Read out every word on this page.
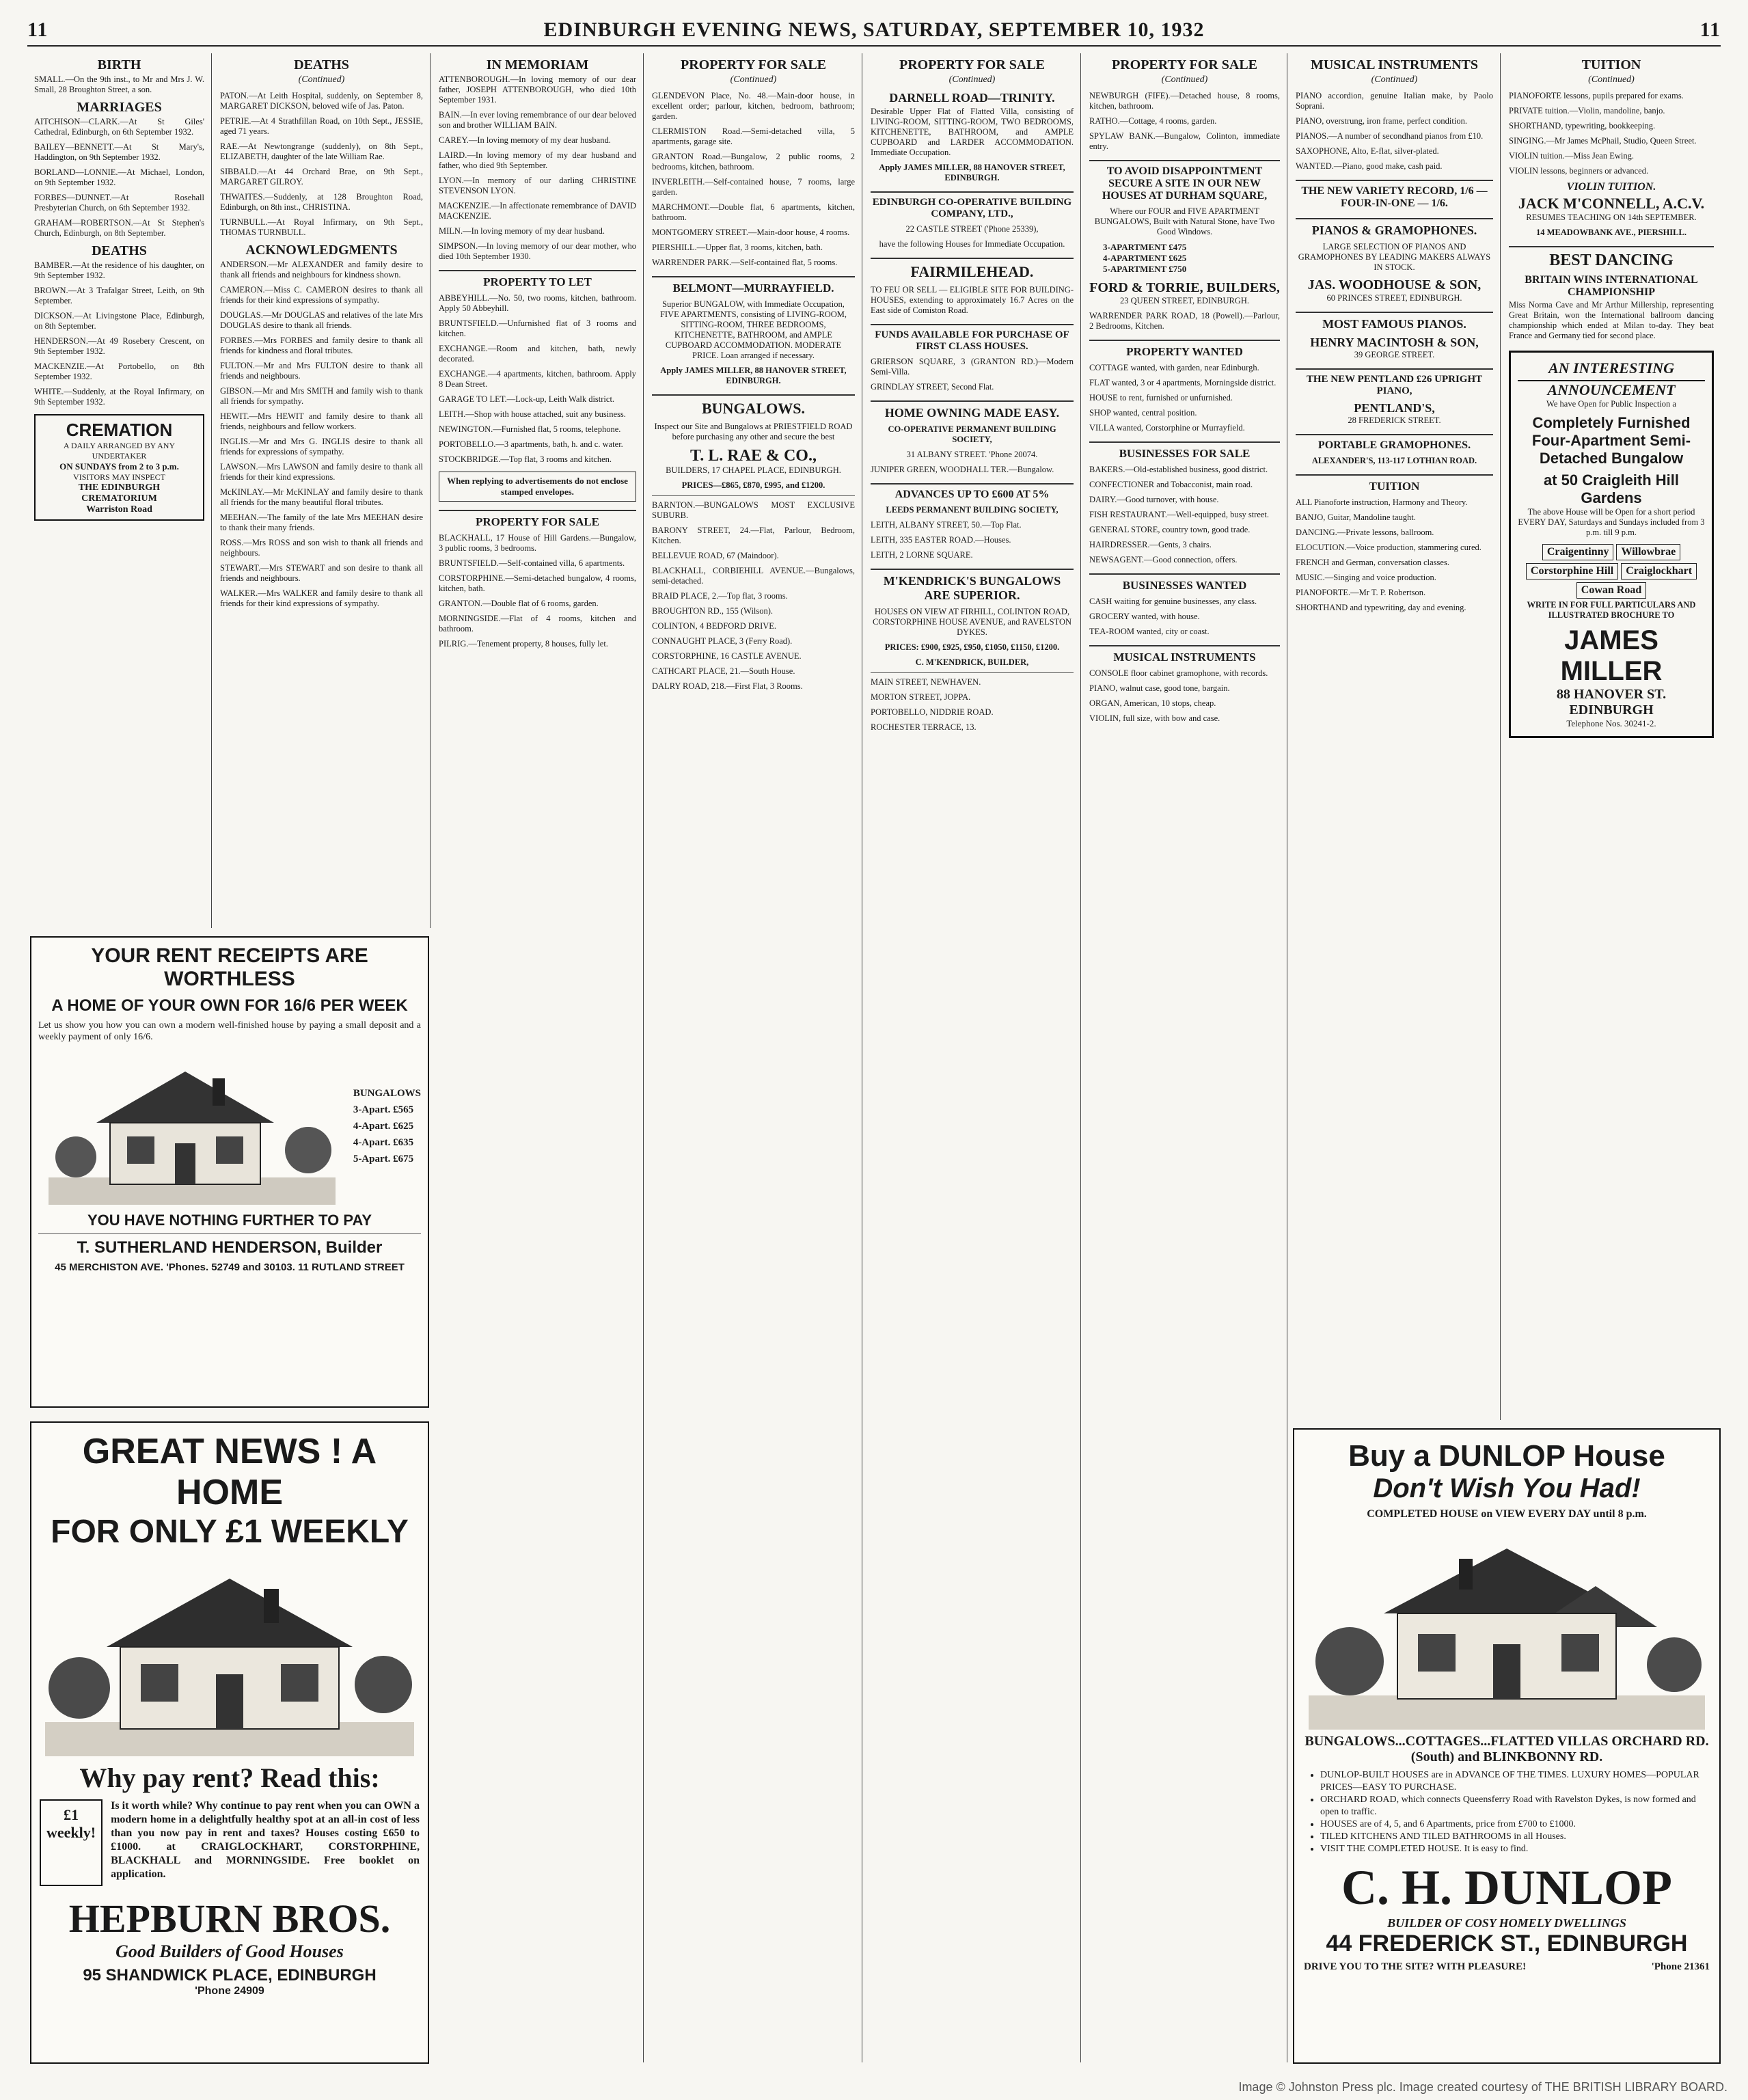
11	EDINBURGH EVENING NEWS, SATURDAY, SEPTEMBER 10, 1932	11
BIRTH

SMALL.—On the 9th inst., to Mr and Mrs J. W. Small, 28 Broughton Street, a son.

MARRIAGES

AITCHISON—CLARK.—At St Giles' Cathedral, Edinburgh, on 6th September 1932.

BAILEY—BENNETT.—At St Mary's, Haddington, on 9th September 1932.

BORLAND—LONNIE.—At Michael, London, on 9th September 1932.

FORBES—DUNNET.—At Rosehall Presbyterian Church, on 6th September 1932.

GRAHAM—ROBERTSON.—At St Stephen's Church, Edinburgh, on 8th September.

DEATHS

BAMBER.—At the residence of his daughter, on 9th September 1932.

BROWN.—At 3 Trafalgar Street, Leith, on 9th September.

DICKSON.—At Livingstone Place, Edinburgh, on 8th September.

HENDERSON.—At 49 Rosebery Crescent, on 9th September 1932.

MACKENZIE.—At Portobello, on 8th September 1932.

WHITE.—Suddenly, at the Royal Infirmary, on 9th September 1932.

CREMATION
A DAILY ARRANGED BY ANY UNDERTAKER
ON SUNDAYS from 2 to 3 p.m.
VISITORS MAY INSPECT
THE EDINBURGH CREMATORIUM
Warriston Road
DEATHS
(Continued)

PATON.—At Leith Hospital, suddenly, on September 8, MARGARET DICKSON, beloved wife of Jas. Paton.

PETRIE.—At 4 Strathfillan Road, on 10th Sept., JESSIE, aged 71 years.

RAE.—At Newtongrange (suddenly), on 8th Sept., ELIZABETH, daughter of the late William Rae.

SIBBALD.—At 44 Orchard Brae, on 9th Sept., MARGARET GILROY.

THWAITES.—Suddenly, at 128 Broughton Road, Edinburgh, on 8th inst., CHRISTINA.

TURNBULL.—At Royal Infirmary, on 9th Sept., THOMAS TURNBULL.

ACKNOWLEDGMENTS

ANDERSON.—Mr ALEXANDER and family desire to thank all friends and neighbours for kindness shown.

CAMERON.—Miss C. CAMERON desires to thank all friends for their kind expressions of sympathy.

DOUGLAS.—Mr DOUGLAS and relatives of the late Mrs DOUGLAS desire to thank all friends.

FORBES.—Mrs FORBES and family desire to thank all friends for kindness and floral tributes.

FULTON.—Mr and Mrs FULTON desire to thank all friends and neighbours.

GIBSON.—Mr and Mrs SMITH and family wish to thank all friends for sympathy.

HEWIT.—Mrs HEWIT and family desire to thank all friends, neighbours and fellow workers.

INGLIS.—Mr and Mrs G. INGLIS desire to thank all friends for expressions of sympathy.

LAWSON.—Mrs LAWSON and family desire to thank all friends for their kind expressions.

McKINLAY.—Mr McKINLAY and family desire to thank all friends for the many beautiful floral tributes.

MEEHAN.—The family of the late Mrs MEEHAN desire to thank their many friends.

ROSS.—Mrs ROSS and son wish to thank all friends and neighbours.

STEWART.—Mrs STEWART and son desire to thank all friends and neighbours.

WALKER.—Mrs WALKER and family desire to thank all friends for their kind expressions of sympathy.

YOUR RENT RECEIPTS ARE WORTHLESS
A HOME OF YOUR OWN FOR 16/6 PER WEEK

Let us show you how you can own a modern well-finished house by paying a small deposit and a weekly payment of only 16/6.

BUNGALOWS
3-Apart. £565
4-Apart. £625
4-Apart. £635
5-Apart. £675
YOU HAVE NOTHING FURTHER TO PAY
T. SUTHERLAND HENDERSON, Builder
45 MERCHISTON AVE. 'Phones. 52749 and 30103. 11 RUTLAND STREET
GREAT NEWS ! A HOME
FOR ONLY £1 WEEKLY
Why pay rent? Read this:
£1 weekly!

Is it worth while? Why continue to pay rent when you can OWN a modern home in a delightfully healthy spot at an all-in cost of less than you now pay in rent and taxes? Houses costing £650 to £1000. at CRAIGLOCKHART, CORSTORPHINE, BLACKHALL and MORNINGSIDE. Free booklet on application.

HEPBURN BROS.
Good Builders of Good Houses
95 SHANDWICK PLACE, EDINBURGH
'Phone 24909
IN MEMORIAM

ATTENBOROUGH.—In loving memory of our dear father, JOSEPH ATTENBOROUGH, who died 10th September 1931.

BAIN.—In ever loving remembrance of our dear beloved son and brother WILLIAM BAIN.

CAREY.—In loving memory of my dear husband.

LAIRD.—In loving memory of my dear husband and father, who died 9th September.

LYON.—In memory of our darling CHRISTINE STEVENSON LYON.

MACKENZIE.—In affectionate remembrance of DAVID MACKENZIE.

MILN.—In loving memory of my dear husband.

SIMPSON.—In loving memory of our dear mother, who died 10th September 1930.

PROPERTY TO LET

ABBEYHILL.—No. 50, two rooms, kitchen, bathroom. Apply 50 Abbeyhill.

BRUNTSFIELD.—Unfurnished flat of 3 rooms and kitchen.

EXCHANGE.—Room and kitchen, bath, newly decorated.

EXCHANGE.—4 apartments, kitchen, bathroom. Apply 8 Dean Street.

GARAGE TO LET.—Lock-up, Leith Walk district.

LEITH.—Shop with house attached, suit any business.

NEWINGTON.—Furnished flat, 5 rooms, telephone.

PORTOBELLO.—3 apartments, bath, h. and c. water.

STOCKBRIDGE.—Top flat, 3 rooms and kitchen.

When replying to advertisements do not enclose stamped envelopes.
PROPERTY FOR SALE

BLACKHALL, 17 House of Hill Gardens.—Bungalow, 3 public rooms, 3 bedrooms.

BRUNTSFIELD.—Self-contained villa, 6 apartments.

CORSTORPHINE.—Semi-detached bungalow, 4 rooms, kitchen, bath.

GRANTON.—Double flat of 6 rooms, garden.

MORNINGSIDE.—Flat of 4 rooms, kitchen and bathroom.

PILRIG.—Tenement property, 8 houses, fully let.

PROPERTY FOR SALE
(Continued)

GLENDEVON Place, No. 48.—Main-door house, in excellent order; parlour, kitchen, bedroom, bathroom; garden.

CLERMISTON Road.—Semi-detached villa, 5 apartments, garage site.

GRANTON Road.—Bungalow, 2 public rooms, 2 bedrooms, kitchen, bathroom.

INVERLEITH.—Self-contained house, 7 rooms, large garden.

MARCHMONT.—Double flat, 6 apartments, kitchen, bathroom.

MONTGOMERY STREET.—Main-door house, 4 rooms.

PIERSHILL.—Upper flat, 3 rooms, kitchen, bath.

WARRENDER PARK.—Self-contained flat, 5 rooms.

BELMONT—MURRAYFIELD.

Superior BUNGALOW, with Immediate Occupation, FIVE APARTMENTS, consisting of LIVING-ROOM, SITTING-ROOM, THREE BEDROOMS, KITCHENETTE, BATHROOM, and AMPLE CUPBOARD ACCOMMODATION. MODERATE PRICE. Loan arranged if necessary.

Apply JAMES MILLER, 88 HANOVER STREET, EDINBURGH.

BUNGALOWS.

Inspect our Site and Bungalows at PRIESTFIELD ROAD before purchasing any other and secure the best

T. L. RAE & CO.,

BUILDERS, 17 CHAPEL PLACE, EDINBURGH.

PRICES—£865, £870, £995, and £1200.

BARNTON.—BUNGALOWS MOST EXCLUSIVE SUBURB.

BARONY STREET, 24.—Flat, Parlour, Bedroom, Kitchen.

BELLEVUE ROAD, 67 (Maindoor).

BLACKHALL, CORBIEHILL AVENUE.—Bungalows, semi-detached.

BRAID PLACE, 2.—Top flat, 3 rooms.

BROUGHTON RD., 155 (Wilson).

COLINTON, 4 BEDFORD DRIVE.

CONNAUGHT PLACE, 3 (Ferry Road).

CORSTORPHINE, 16 CASTLE AVENUE.

CATHCART PLACE, 21.—South House.

DALRY ROAD, 218.—First Flat, 3 Rooms.

PROPERTY FOR SALE
(Continued)
DARNELL ROAD—TRINITY.

Desirable Upper Flat of Flatted Villa, consisting of LIVING-ROOM, SITTING-ROOM, TWO BEDROOMS, KITCHENETTE, BATHROOM, and AMPLE CUPBOARD and LARDER ACCOMMODATION. Immediate Occupation.

Apply JAMES MILLER, 88 HANOVER STREET, EDINBURGH.

EDINBURGH CO-OPERATIVE BUILDING COMPANY, LTD.,

22 CASTLE STREET ('Phone 25339),

have the following Houses for Immediate Occupation.

FAIRMILEHEAD.

TO FEU OR SELL — ELIGIBLE SITE FOR BUILDING-HOUSES, extending to approximately 16.7 Acres on the East side of Comiston Road.

FUNDS AVAILABLE FOR PURCHASE OF FIRST CLASS HOUSES.

GRIERSON SQUARE, 3 (GRANTON RD.)—Modern Semi-Villa.

GRINDLAY STREET, Second Flat.

HOME OWNING MADE EASY.

CO-OPERATIVE PERMANENT BUILDING SOCIETY,

31 ALBANY STREET. 'Phone 20074.

JUNIPER GREEN, WOODHALL TER.—Bungalow.

ADVANCES UP TO £600 AT 5%

LEEDS PERMANENT BUILDING SOCIETY,

LEITH, ALBANY STREET, 50.—Top Flat.

LEITH, 335 EASTER ROAD.—Houses.

LEITH, 2 LORNE SQUARE.

M'KENDRICK'S BUNGALOWS ARE SUPERIOR.

HOUSES ON VIEW AT FIRHILL, COLINTON ROAD, CORSTORPHINE HOUSE AVENUE, and RAVELSTON DYKES.

PRICES: £900, £925, £950, £1050, £1150, £1200.

C. M'KENDRICK, BUILDER,

MAIN STREET, NEWHAVEN.

MORTON STREET, JOPPA.

PORTOBELLO, NIDDRIE ROAD.

ROCHESTER TERRACE, 13.

PROPERTY FOR SALE
(Continued)

NEWBURGH (FIFE).—Detached house, 8 rooms, kitchen, bathroom.

RATHO.—Cottage, 4 rooms, garden.

SPYLAW BANK.—Bungalow, Colinton, immediate entry.

TO AVOID DISAPPOINTMENT SECURE A SITE IN OUR NEW HOUSES AT DURHAM SQUARE,

Where our FOUR and FIVE APARTMENT BUNGALOWS, Built with Natural Stone, have Two Good Windows.

3-APARTMENT £475
4-APARTMENT £625
5-APARTMENT £750
FORD & TORRIE, BUILDERS,

23 QUEEN STREET, EDINBURGH.

WARRENDER PARK ROAD, 18 (Powell).—Parlour, 2 Bedrooms, Kitchen.

PROPERTY WANTED

COTTAGE wanted, with garden, near Edinburgh.

FLAT wanted, 3 or 4 apartments, Morningside district.

HOUSE to rent, furnished or unfurnished.

SHOP wanted, central position.

VILLA wanted, Corstorphine or Murrayfield.

BUSINESSES FOR SALE

BAKERS.—Old-established business, good district.

CONFECTIONER and Tobacconist, main road.

DAIRY.—Good turnover, with house.

FISH RESTAURANT.—Well-equipped, busy street.

GENERAL STORE, country town, good trade.

HAIRDRESSER.—Gents, 3 chairs.

NEWSAGENT.—Good connection, offers.

BUSINESSES WANTED

CASH waiting for genuine businesses, any class.

GROCERY wanted, with house.

TEA-ROOM wanted, city or coast.

MUSICAL INSTRUMENTS

CONSOLE floor cabinet gramophone, with records.

PIANO, walnut case, good tone, bargain.

ORGAN, American, 10 stops, cheap.

VIOLIN, full size, with bow and case.

MUSICAL INSTRUMENTS
(Continued)

PIANO accordion, genuine Italian make, by Paolo Soprani.

PIANO, overstrung, iron frame, perfect condition.

PIANOS.—A number of secondhand pianos from £10.

SAXOPHONE, Alto, E-flat, silver-plated.

WANTED.—Piano, good make, cash paid.

THE NEW VARIETY RECORD, 1/6 — FOUR-IN-ONE — 1/6.
PIANOS & GRAMOPHONES.

LARGE SELECTION OF PIANOS AND GRAMOPHONES BY LEADING MAKERS ALWAYS IN STOCK.

JAS. WOODHOUSE & SON,

60 PRINCES STREET, EDINBURGH.

MOST FAMOUS PIANOS.
HENRY MACINTOSH & SON,

39 GEORGE STREET.

THE NEW PENTLAND £26 UPRIGHT PIANO,
PENTLAND'S,

28 FREDERICK STREET.

PORTABLE GRAMOPHONES.

ALEXANDER'S, 113-117 LOTHIAN ROAD.

TUITION

ALL Pianoforte instruction, Harmony and Theory.

BANJO, Guitar, Mandoline taught.

DANCING.—Private lessons, ballroom.

ELOCUTION.—Voice production, stammering cured.

FRENCH and German, conversation classes.

MUSIC.—Singing and voice production.

PIANOFORTE.—Mr T. P. Robertson.

SHORTHAND and typewriting, day and evening.

TUITION
(Continued)

PIANOFORTE lessons, pupils prepared for exams.

PRIVATE tuition.—Violin, mandoline, banjo.

SHORTHAND, typewriting, bookkeeping.

SINGING.—Mr James McPhail, Studio, Queen Street.

VIOLIN tuition.—Miss Jean Ewing.

VIOLIN lessons, beginners or advanced.

VIOLIN TUITION.
JACK M'CONNELL, A.C.V.

RESUMES TEACHING ON 14th SEPTEMBER.

14 MEADOWBANK AVE., PIERSHILL.

BEST DANCING
BRITAIN WINS INTERNATIONAL CHAMPIONSHIP

Miss Norma Cave and Mr Arthur Millership, representing Great Britain, won the International ballroom dancing championship which ended at Milan to-day. They beat France and Germany tied for second place.

AN INTERESTING
ANNOUNCEMENT

We have Open for Public Inspection a

Completely Furnished Four-Apartment Semi-Detached Bungalow
at 50 Craigleith Hill Gardens

The above House will be Open for a short period EVERY DAY, Saturdays and Sundays included from 3 p.m. till 9 p.m.

Craigentinny	Willowbrae
Corstorphine Hill	Craiglockhart
Cowan Road

WRITE IN FOR FULL PARTICULARS AND ILLUSTRATED BROCHURE TO

JAMES MILLER
88 HANOVER ST. EDINBURGH
Telephone Nos. 30241-2.
Buy a DUNLOP House
Don't Wish You Had!
COMPLETED HOUSE on VIEW EVERY DAY until 8 p.m.
BUNGALOWS...COTTAGES...FLATTED VILLAS ORCHARD RD. (South) and BLINKBONNY RD.
• DUNLOP-BUILT HOUSES are in ADVANCE OF THE TIMES. LUXURY HOMES—POPULAR PRICES—EASY TO PURCHASE.
• ORCHARD ROAD, which connects Queensferry Road with Ravelston Dykes, is now formed and open to traffic.
• HOUSES are of 4, 5, and 6 Apartments, price from £700 to £1000.
• TILED KITCHENS AND TILED BATHROOMS in all Houses.
• VISIT THE COMPLETED HOUSE. It is easy to find.
C. H. DUNLOP
BUILDER OF COSY HOMELY DWELLINGS
44 FREDERICK ST., EDINBURGH
DRIVE YOU TO THE SITE? WITH PLEASURE!	'Phone 21361
Image © Johnston Press plc. Image created courtesy of THE BRITISH LIBRARY BOARD.
